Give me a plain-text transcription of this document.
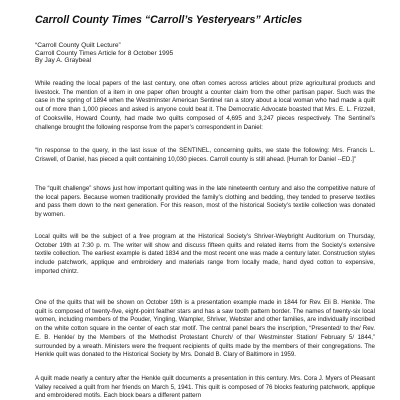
Carroll County Times “Carroll’s Yesteryears” Articles
“Carroll County Quilt Lecture”
Carroll County Times Article for 8 October 1995
By Jay A. Graybeal

While reading the local papers of the last century, one often comes across articles about prize agricultural products and livestock. The mention of a item in one paper often brought a counter claim from the other partisan paper. Such was the case in the spring of 1894 when the Westminster American Sentinel ran a story about a local woman who had made a quilt out of more than 1,000 pieces and asked is anyone could beat it. The Democratic Advocate boasted that Mrs. E. L. Frizzell, of Cooksville, Howard County, had made two quilts composed of 4,695 and 3,247 pieces respectively. The Sentinel’s challenge brought the following response from the paper’s correspondent in Daniel:

“In response to the query, in the last issue of the SENTINEL, concerning quilts, we state the following: Mrs. Francis L. Criswell, of Daniel, has pieced a quilt containing 10,030 pieces. Carroll county is still ahead. [Hurrah for Daniel --ED.]”

The “quilt challenge” shows just how important quilting was in the late nineteenth century and also the competitive nature of the local papers. Because women traditionally provided the family’s clothing and bedding, they tended to preserve textiles and pass them down to the next generation. For this reason, most of the historical Society’s textile collection was donated by women.

Local quilts will be the subject of a free program at the Historical Society’s Shriver-Weybright Auditorium on Thursday, October 19th at 7:30 p. m. The writer will show and discuss fifteen quilts and related items from the Society’s extensive textile collection. The earliest example is dated 1834 and the most recent one was made a century later. Construction styles include patchwork, applique and embroidery and materials range from locally made, hand dyed cotton to expensive, imported chintz.

One of the quilts that will be shown on October 19th is a presentation example made in 1844 for Rev. Eli B. Henkle. The quilt is composed of twenty-five, eight-point feather stars and has a saw tooth pattern border. The names of twenty-six local women, including members of the Pouder, Yingling, Wampler, Shriver, Webster and other families, are individually inscribed on the white cotton square in the center of each star motif. The central panel bears the inscription, “Presented/ to the/ Rev. E. B. Henkle/ by the Members of the Methodist Protestant Church/ of the/ Westminster Station/ February 5/ 1844,” surrounded by a wreath. Ministers were the frequent recipients of quilts made by the members of their congregations. The Henkle quilt was donated to the Historical Society by Mrs. Donald B. Clary of Baltimore in 1959.

A quilt made nearly a century after the Henkle quilt documents a presentation in this century. Mrs. Cora J. Myers of Pleasant Valley received a quilt from her friends on March 5, 1941. This quilt is composed of 76 blocks featuring patchwork, applique and embroidered motifs. Each block bears a different pattern
